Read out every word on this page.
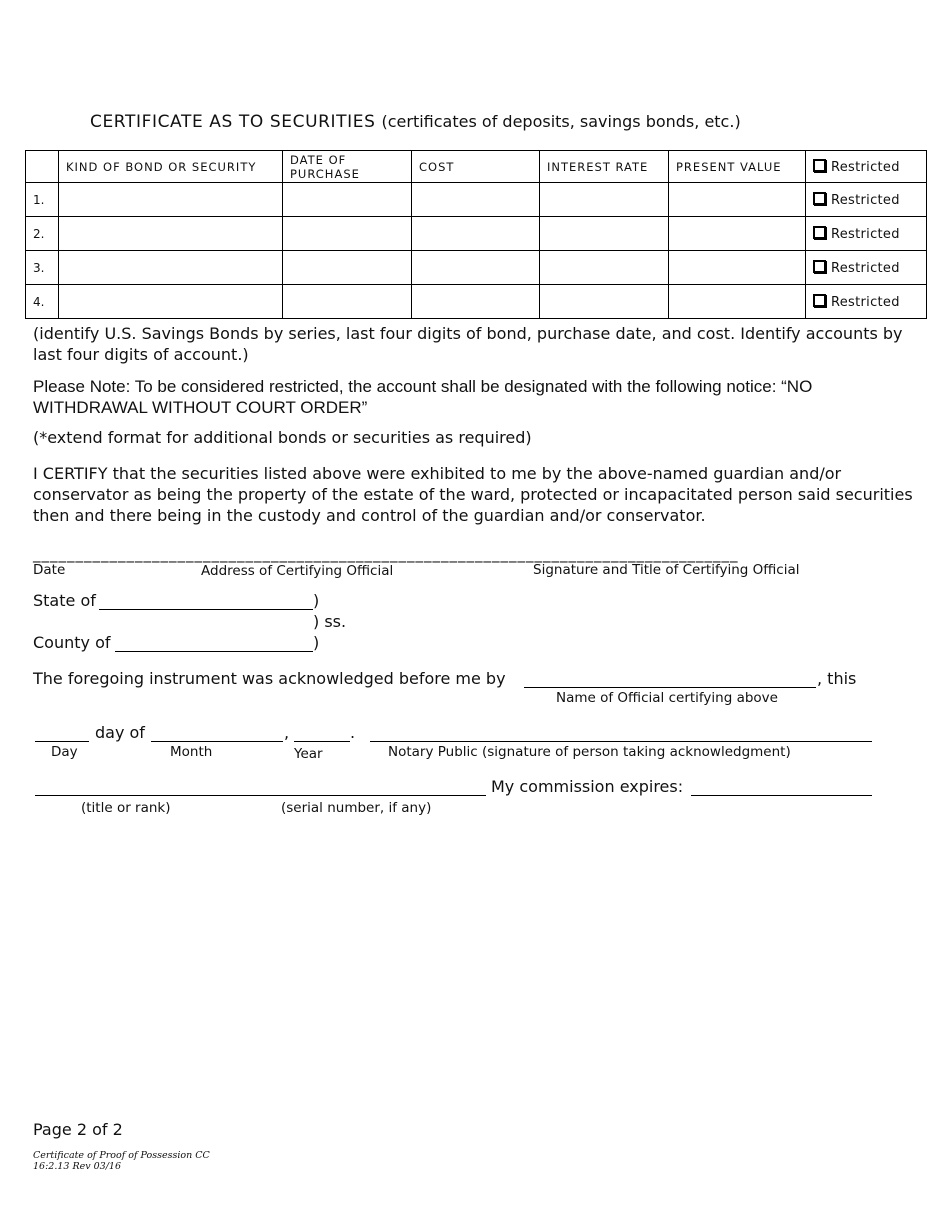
CERTIFICATE AS TO SECURITIES (certificates of deposits, savings bonds, etc.)
	KIND OF BOND OR SECURITY	DATE OF PURCHASE	COST	INTEREST RATE	PRESENT VALUE	Restricted
1.						Restricted
2.						Restricted
3.						Restricted
4.						Restricted
(identify U.S. Savings Bonds by series, last four digits of bond, purchase date, and cost. Identify accounts by last four digits of account.)
Please Note: To be considered restricted, the account shall be designated with the following notice: “NO WITHDRAWAL WITHOUT COURT ORDER”
(*extend format for additional bonds or securities as required)
I CERTIFY that the securities listed above were exhibited to me by the above-named guardian and/or conservator as being the property of the estate of the ward, protected or incapacitated person said securities then and there being in the custody and control of the guardian and/or conservator.
___________________________________________________________________________________
Date	Address of Certifying Official	Signature and Title of Certifying Official
State of	)
) ss.
County of	)
The foregoing instrument was acknowledged before me by	, this
Name of Official certifying above
day of	,	.
Day	Month	Year	Notary Public (signature of person taking acknowledgment)
My commission expires:
(title or rank)	(serial number, if any)
Page 2 of 2
Certificate of Proof of Possession CC
16:2.13 Rev 03/16
